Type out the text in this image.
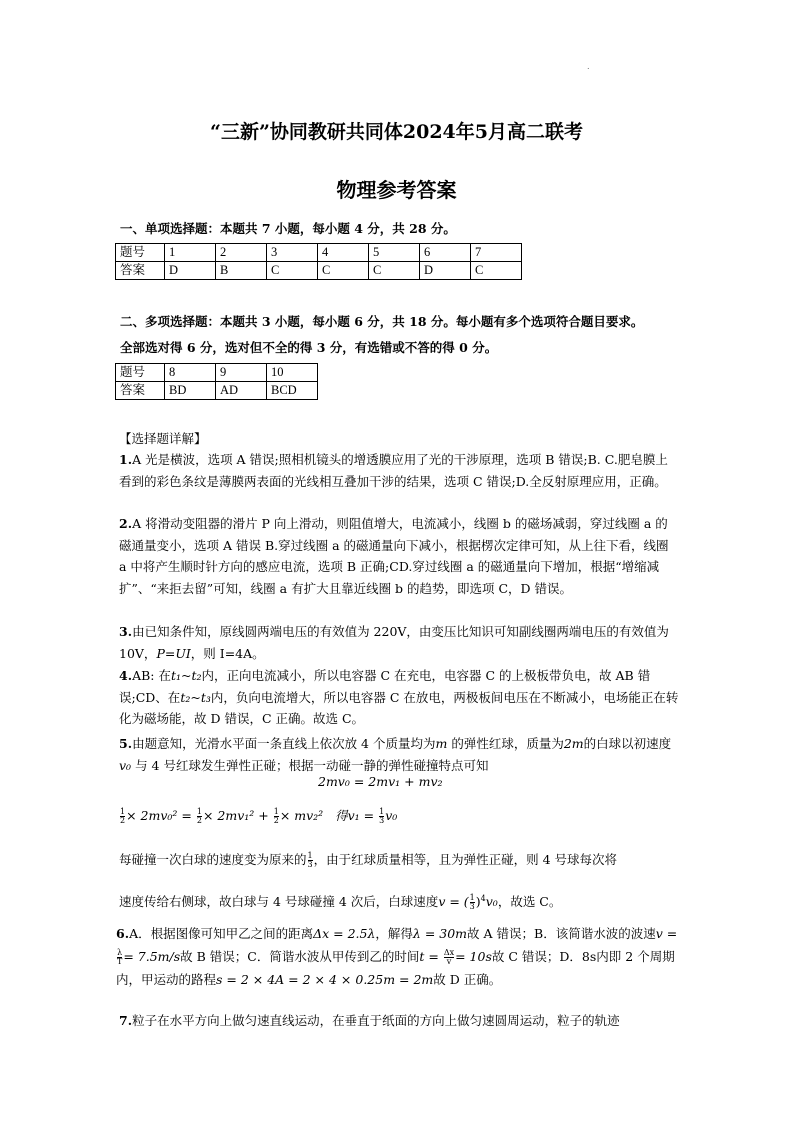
.
“三新”协同教研共同体2024年5月高二联考
物理参考答案
一、单项选择题：本题共 7 小题，每小题 4 分，共 28 分。
题号	1	2	3	4	5	6	7
答案	D	B	C	C	C	D	C
二、多项选择题：本题共 3 小题，每小题 6 分，共 18 分。每小题有多个选项符合题目要求。
全部选对得 6 分，选对但不全的得 3 分，有选错或不答的得 0 分。
题号	8	9	10
答案	BD	AD	BCD
【选择题详解】
1.A 光是横波，选项 A 错误;照相机镜头的增透膜应用了光的干涉原理，选项 B 错误;B. C.肥皂膜上看到的彩色条纹是薄膜两表面的光线相互叠加干涉的结果，选项 C 错误;D.全反射原理应用，正确。
2.A 将滑动变阻器的滑片 P 向上滑动，则阻值增大，电流减小，线圈 b 的磁场减弱，穿过线圈 a 的磁通量变小，选项 A 错误 B.穿过线圈 a 的磁通量向下减小，根据楞次定律可知，从上往下看，线圈 a 中将产生顺时针方向的感应电流，选项 B 正确;CD.穿过线圈 a 的磁通量向下增加，根据“增缩减扩”、“来拒去留”可知，线圈 a 有扩大且靠近线圈 b 的趋势，即选项 C，D 错误。
3.由已知条件知，原线圆两端电压的有效值为 220V，由变压比知识可知副线圈两端电压的有效值为 10V，P=UI，则 I=4A。
4.AB: 在t₁~t₂内，正向电流减小，所以电容器 C 在充电，电容器 C 的上极板带负电，故 AB 错误;CD、在t₂~t₃内，负向电流增大，所以电容器 C 在放电，两极板间电压在不断减小，电场能正在转化为磁场能，故 D 错误，C 正确。故选 C。
5.由题意知，光滑水平面一条直线上依次放 4 个质量均为m 的弹性红球，质量为2m的白球以初速度v₀ 与 4 号红球发生弹性正碰；根据一动碰一静的弹性碰撞特点可知
2mv₀ = 2mv₁ + mv₂
$\frac{1}{2} \times 2mv_0^2 = \frac{1}{2} \times 2mv_1^2 + \frac{1}{2} \times mv_2^2$ 得$v_1 = \frac{1}{3} v_0$
每碰撞一次白球的速度变为原来的 $\frac{1}{3}$ ，由于红球质量相等，且为弹性正碰，则 4 号球每次将
速度传给右侧球，故白球与 4 号球碰撞 4 次后，白球速度v = ( $\frac{1}{3} )^4v_0$，故选 C。
6.A．根据图像可知甲乙之间的距离Δx = 2.5λ，解得λ = 30m故 A 错误；B．该简谐水波的波速v =
$\frac{\lambda}{T} = 7.5m/s$故 B 错误；C．简谐水波从甲传到乙的时间$t = \frac{\Delta x}{v} = 10s$故 C 错误；D．8s内即 2 个周期内，甲运动的路程s = 2 × 4A = 2 × 4 × 0.25m = 2m故 D 正确。
7.粒子在水平方向上做匀速直线运动，在垂直于纸面的方向上做匀速圆周运动，粒子的轨迹
